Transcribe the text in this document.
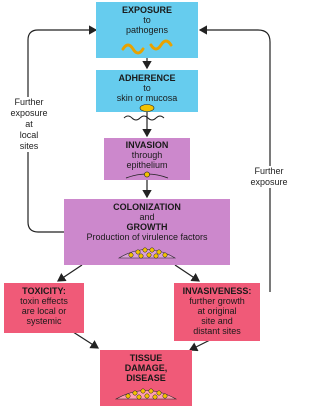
EXPOSURE
to
pathogens
ADHERENCE
to
skin or mucosa
INVASION
through
epithelium
COLONIZATION
and
GROWTH
Production of virulence factors
TOXICITY:
toxin effects
are local or
systemic
INVASIVENESS:
further growth
at original
site and
distant sites
TISSUE
DAMAGE,
DISEASE
Further
exposure
at
local
sites
Further
exposure
